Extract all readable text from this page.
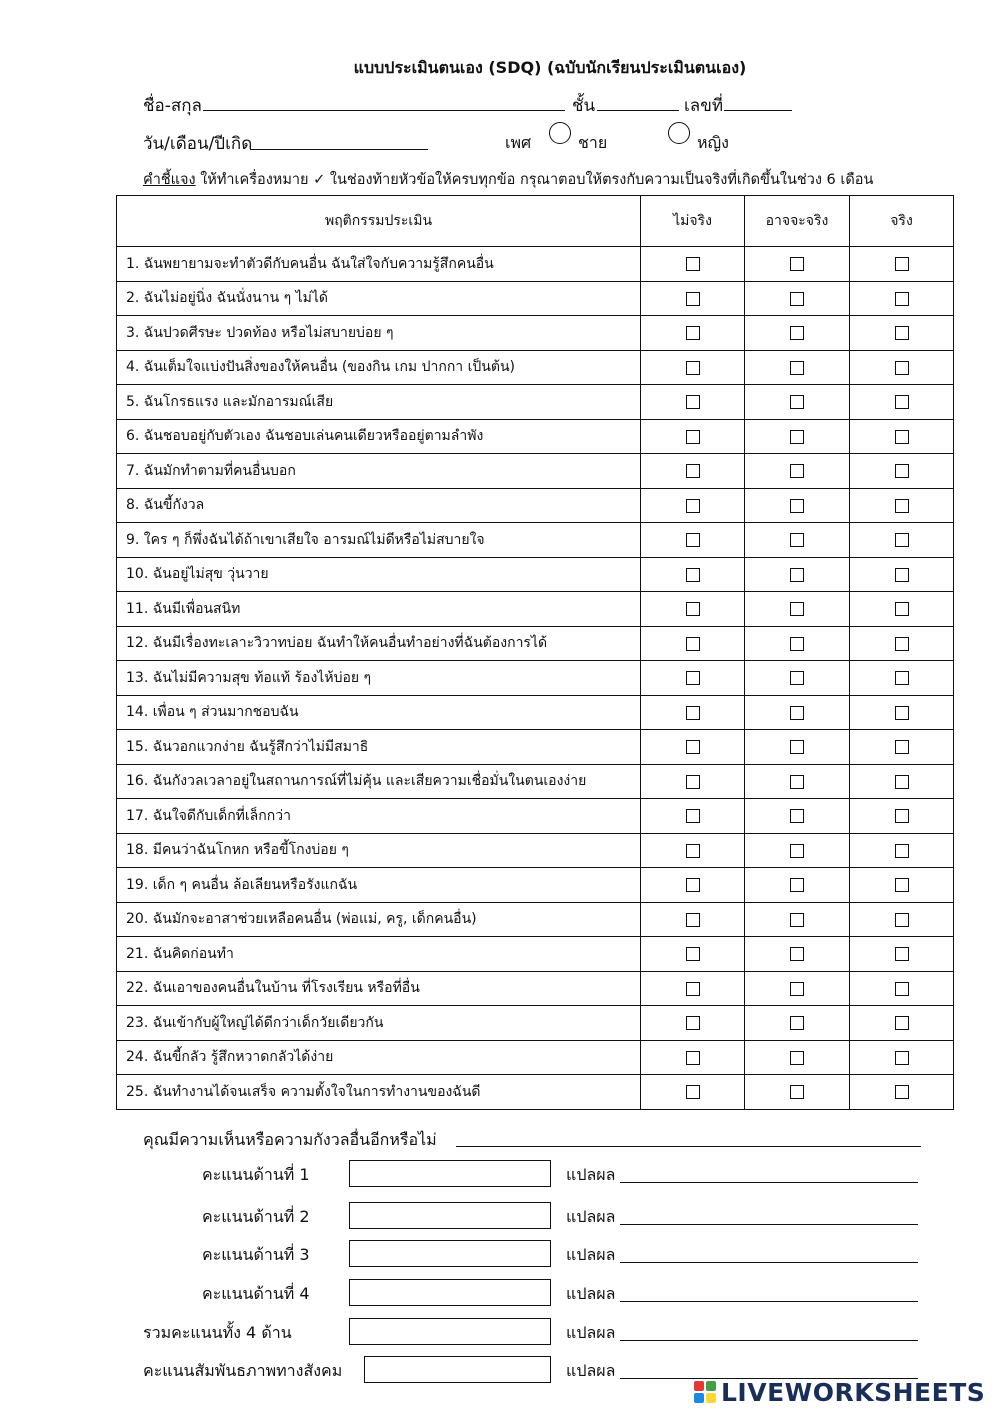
แบบประเมินตนเอง (SDQ) (ฉบับนักเรียนประเมินตนเอง)
ชื่อ-สกุล	ชั้น	เลขที่
วัน/เดือน/ปีเกิด	เพศ	ชาย	หญิง
คำชี้แจง ให้ทำเครื่องหมาย ✓ ในช่องท้ายหัวข้อให้ครบทุกข้อ กรุณาตอบให้ตรงกับความเป็นจริงที่เกิดขึ้นในช่วง 6 เดือน
พฤติกรรมประเมิน	ไม่จริง	อาจจะจริง	จริง
1. ฉันพยายามจะทำตัวดีกับคนอื่น ฉันใส่ใจกับความรู้สึกคนอื่น			
2. ฉันไม่อยู่นิ่ง ฉันนั่งนาน ๆ ไม่ได้			
3. ฉันปวดศีรษะ ปวดท้อง หรือไม่สบายบ่อย ๆ			
4. ฉันเต็มใจแบ่งปันสิ่งของให้คนอื่น (ของกิน เกม ปากกา เป็นต้น)			
5. ฉันโกรธแรง และมักอารมณ์เสีย			
6. ฉันชอบอยู่กับตัวเอง ฉันชอบเล่นคนเดียวหรืออยู่ตามลำพัง			
7. ฉันมักทำตามที่คนอื่นบอก			
8. ฉันขี้กังวล			
9. ใคร ๆ ก็พึ่งฉันได้ถ้าเขาเสียใจ อารมณ์ไม่ดีหรือไม่สบายใจ			
10. ฉันอยู่ไม่สุข วุ่นวาย			
11. ฉันมีเพื่อนสนิท			
12. ฉันมีเรื่องทะเลาะวิวาทบ่อย ฉันทำให้คนอื่นทำอย่างที่ฉันต้องการได้			
13. ฉันไม่มีความสุข ท้อแท้ ร้องไห้บ่อย ๆ			
14. เพื่อน ๆ ส่วนมากชอบฉัน			
15. ฉันวอกแวกง่าย ฉันรู้สึกว่าไม่มีสมาธิ			
16. ฉันกังวลเวลาอยู่ในสถานการณ์ที่ไม่คุ้น และเสียความเชื่อมั่นในตนเองง่าย			
17. ฉันใจดีกับเด็กที่เล็กกว่า			
18. มีคนว่าฉันโกหก หรือขี้โกงบ่อย ๆ			
19. เด็ก ๆ คนอื่น ล้อเลียนหรือรังแกฉัน			
20. ฉันมักจะอาสาช่วยเหลือคนอื่น (พ่อแม่, ครู, เด็กคนอื่น)			
21. ฉันคิดก่อนทำ			
22. ฉันเอาของคนอื่นในบ้าน ที่โรงเรียน หรือที่อื่น			
23. ฉันเข้ากับผู้ใหญ่ได้ดีกว่าเด็กวัยเดียวกัน			
24. ฉันขี้กลัว รู้สึกหวาดกลัวได้ง่าย			
25. ฉันทำงานได้จนเสร็จ ความตั้งใจในการทำงานของฉันดี			
คุณมีความเห็นหรือความกังวลอื่นอีกหรือไม่
คะแนนด้านที่ 1	แปลผล
คะแนนด้านที่ 2	แปลผล
คะแนนด้านที่ 3	แปลผล
คะแนนด้านที่ 4	แปลผล
รวมคะแนนทั้ง 4 ด้าน	แปลผล
คะแนนสัมพันธภาพทางสังคม	แปลผล
LIVEWORKSHEETS
